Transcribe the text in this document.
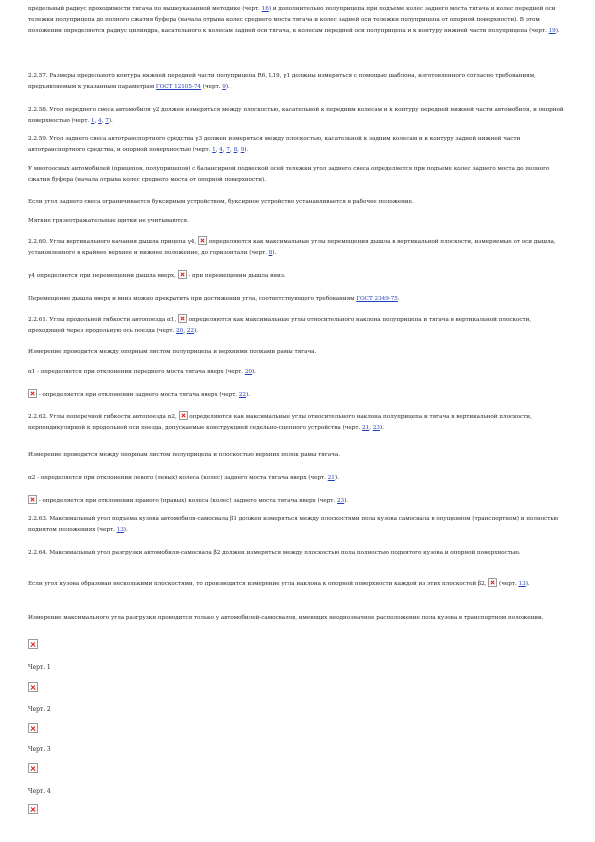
предельный радиус проходимости тягача по вышеуказанной методике (черт. 16) и дополнительно полуприцепа при подъеме колес заднего моста тягача и колес передней оси тележки полуприцепа до полного сжатия буфера (начала отрыва колес среднего моста тягача и колес задней оси тележки полуприцепа от опорной поверхности). В этом положении определяется радиус цилиндра, касательного к колесам задней оси тягача, к колесам передней оси полуприцепа и к контуру нижней части полуприцепа (черт. 19).

2.2.57. Размеры предельного контура нижней передней части полуприцепа R6, L19, γ1 должны измеряться с помощью шаблона, изготовленного согласно требованиям, предъявляемым к указанным параметрам ГОСТ 12105-74 (черт. 9).

2.2.58. Угол переднего свеса автомобиля γ2 должен измеряться между плоскостью, касательной к передним колесам и к контуру передней нижней части автомобиля, и опорной поверхностью (черт. 1, 4, 7).

2.2.59. Угол заднего свеса автотранспортного средства γ3 должен измеряться между плоскостью, касательной к задним колесам и к контуру задней нижней части автотранспортного средства, и опорной поверхностью (черт. 1, 4, 7, 8, 9).

У многоосных автомобилей (прицепов, полуприцепов) с балансирной подвеской осей тележки угол заднего свеса определяется при подъеме колес заднего моста до полного сжатия буфера (начала отрыва колес среднего моста от опорной поверхности).

Если угол заднего свеса ограничивается буксирным устройством, буксирное устройство устанавливается в рабочее положение.

Мягкие грязеотражательные щитки не учитываются.

2.2.60. Углы вертикального качания дышла прицепа γ4,  определяются как максимальные углы перемещения дышла в вертикальной плоскости, измеряемые от оси дышла, установленного в крайнее верхнее и нижнее положение, до горизонтали (черт. 8).

γ4 определяется при перемещении дышла вверх,  - при перемещении дышла вниз.

Перемещение дышла вверх и вниз можно прекратить при достижении угла, соответствующего требованиям ГОСТ 2349-75.

2.2.61. Углы продольной гибкости автопоезда α1,  определяются как максимальные углы относительного наклона полуприцепа и тягача в вертикальной плоскости, проходящей через продольную ось поезда (черт. 20, 22).

Измерение проводится между опорным листом полуприцепа и верхними полками рамы тягача.

α1 - определяется при отклонении переднего моста тягача вверх (черт. 20).

- определяется при отклонении заднего моста тягача вверх (черт. 22).

2.2.62. Углы поперечной гибкости автопоезда α2,  определяются как максимальные углы относительного наклона полуприцепа и тягача в вертикальной плоскости, перпендикулярной к продольной оси поезда, допускаемые конструкцией седельно-сцепного устройства (черт. 21, 23).

Измерение проводится между опорным листом полуприцепа и плоскостью верхних полок рамы тягача.

α2 - определяется при отклонении левого (левых) колеса (колес) заднего моста тягача вверх (черт. 21).

- определяется при отклонении правого (правых) колеса (колес) заднего моста тягача вверх (черт. 23).

2.2.63. Максимальный угол подъема кузова автомобиля-самосвала β1 должен измеряться между плоскостями пола кузова самосвала в опущенном (транспортном) и полностью поднятом положениях (черт. 13).

2.2.64. Максимальный угол разгрузки автомобиля-самосвала β2 должен измеряться между плоскостью пола полностью поднятого кузова и опорной поверхностью.

Если угол кузова образован несколькими плоскостями, то производится измерение угла наклона к опорной поверхности каждой из этих плоскостей β2,  (черт. 13).

Измерение максимального угла разгрузки проводится только у автомобилей-самосвалов, имеющих неоднозначное расположение пола кузова в транспортном положении.

Черт. 1

Черт. 2

Черт. 3

Черт. 4
